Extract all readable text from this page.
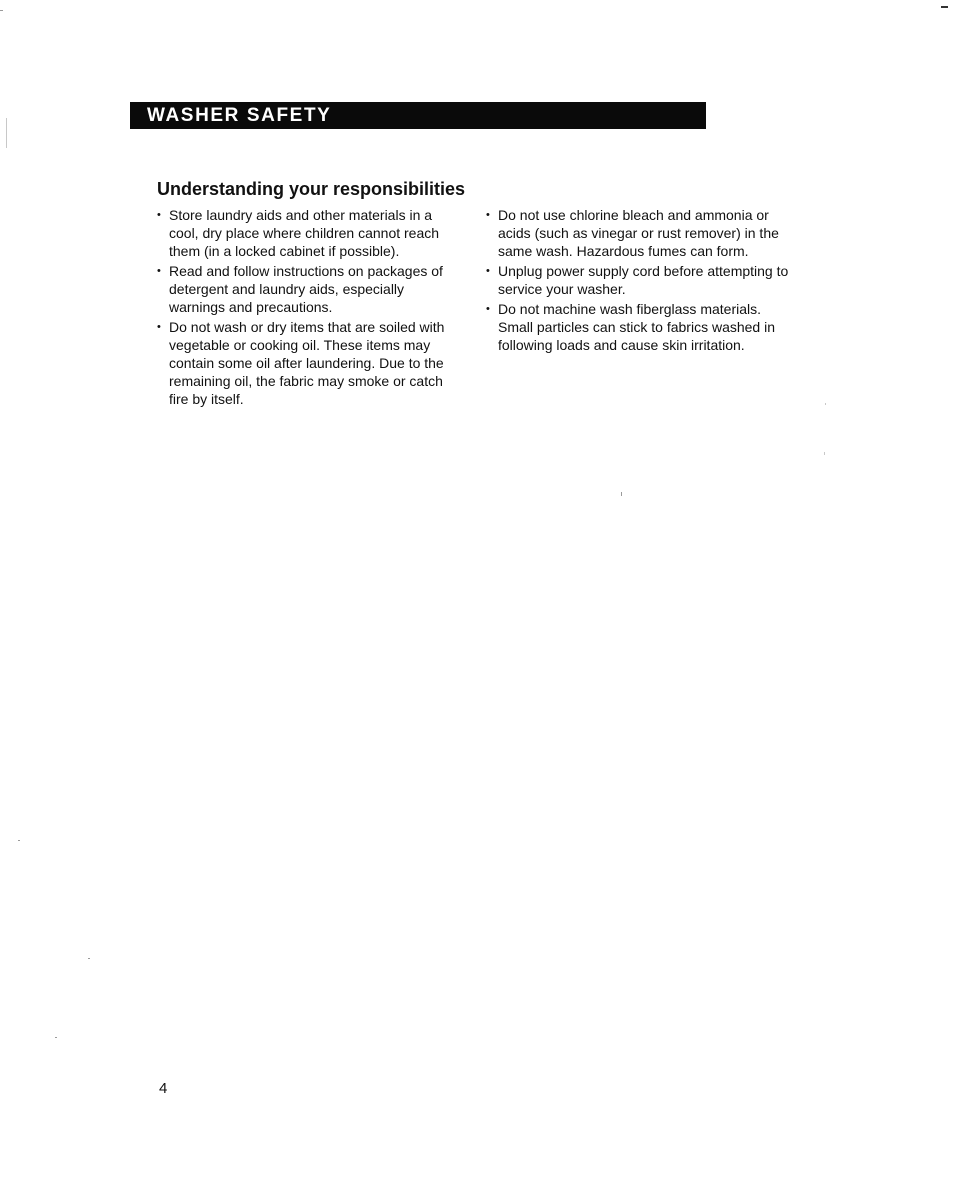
WASHER SAFETY
Understanding your responsibilities
• Store laundry aids and other materials in a cool, dry place where children cannot reach them (in a locked cabinet if possible).
• Read and follow instructions on packages of detergent and laundry aids, especially warnings and precautions.
• Do not wash or dry items that are soiled with vegetable or cooking oil. These items may contain some oil after laundering. Due to the remaining oil, the fabric may smoke or catch fire by itself.
• Do not use chlorine bleach and ammonia or acids (such as vinegar or rust remover) in the same wash. Hazardous fumes can form.
• Unplug power supply cord before attempting to service your washer.
• Do not machine wash fiberglass materials. Small particles can stick to fabrics washed in following loads and cause skin irritation.
4
